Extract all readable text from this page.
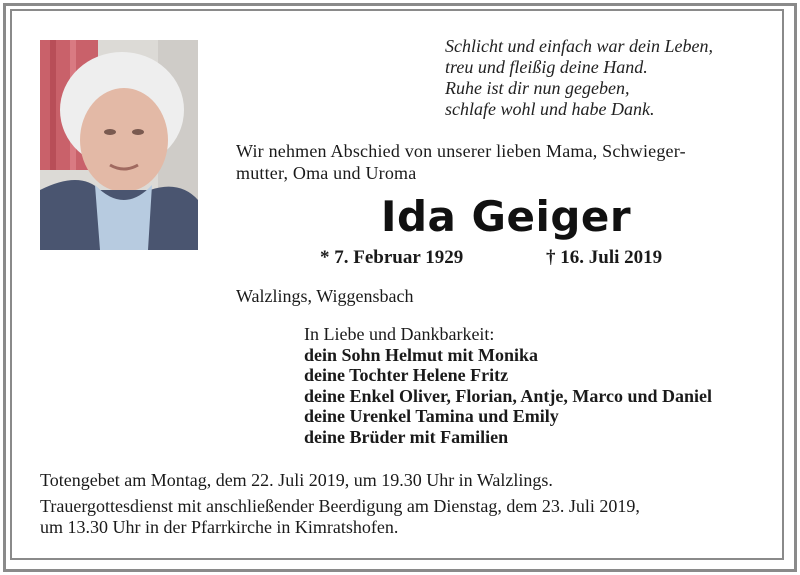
Schlicht und einfach war dein Leben,
treu und fleißig deine Hand.
Ruhe ist dir nun gegeben,
schlafe wohl und habe Dank.
Wir nehmen Abschied von unserer lieben Mama, Schwieger-
mutter, Oma und Uroma
Ida Geiger
* 7. Februar 1929	† 16. Juli 2019
Walzlings, Wiggensbach
In Liebe und Dankbarkeit:
dein Sohn Helmut mit Monika
deine Tochter Helene Fritz
deine Enkel Oliver, Florian, Antje, Marco und Daniel
deine Urenkel Tamina und Emily
deine Brüder mit Familien

Totengebet am Montag, dem 22. Juli 2019, um 19.30 Uhr in Walzlings.

Trauergottesdienst mit anschließender Beerdigung am Dienstag, dem 23. Juli 2019,
um 13.30 Uhr in der Pfarrkirche in Kimratshofen.
